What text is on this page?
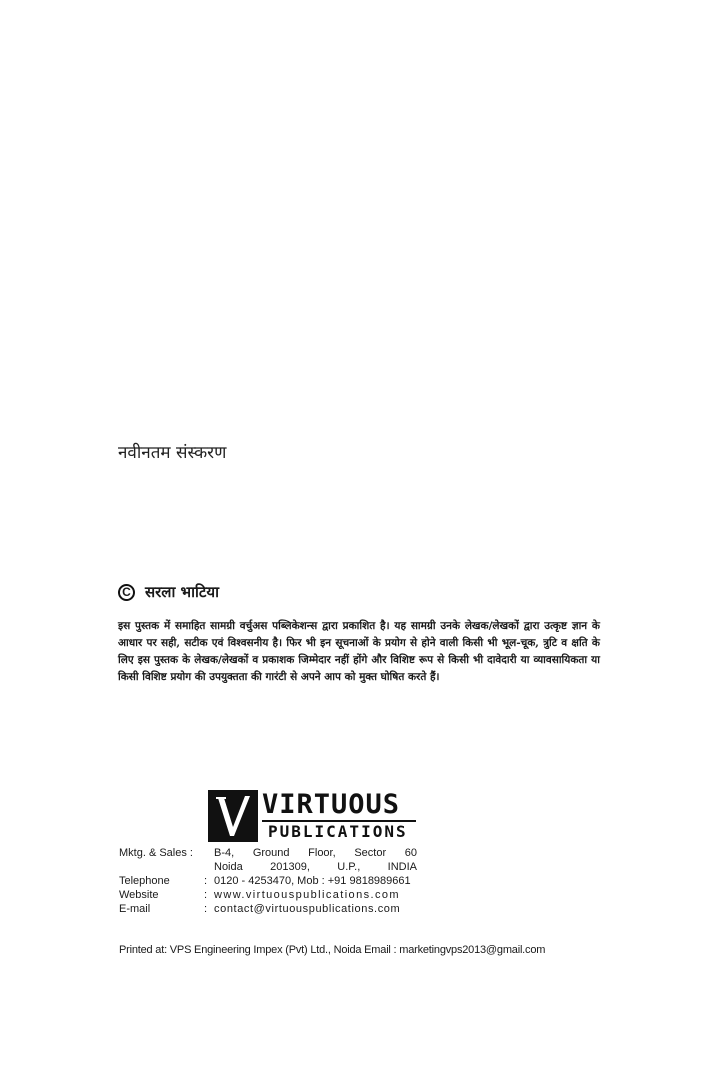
नवीनतम संस्करण
C सरला भाटिया

इस पुस्तक में समाहित सामग्री वर्चुअस पब्लिकेशन्स द्वारा प्रकाशित है। यह सामग्री उनके लेखक/लेखकों द्वारा उत्कृष्ट ज्ञान के आधार पर सही, सटीक एवं विश्वसनीय है। फिर भी इन सूचनाओं के प्रयोग से होने वाली किसी भी भूल-चूक, त्रुटि व क्षति के लिए इस पुस्तक के लेखक/लेखकों व प्रकाशक जिम्मेदार नहीं होंगे और विशिष्ट रूप से किसी भी दावेदारी या व्यावसायिकता या किसी विशिष्ट प्रयोग की उपयुक्तता की गारंटी से अपने आप को मुक्त घोषित करते हैं।

VIRTUOUS
PUBLICATIONS
Mktg. & Sales :	B-4, Ground Floor, Sector 60
Noida 201309, U.P., INDIA
Telephone	: 0120 - 4253470, Mob : +91 9818989661
Website	: www.virtuouspublications.com
E-mail	: contact@virtuouspublications.com
Printed at: VPS Engineering Impex (Pvt) Ltd., Noida Email : marketingvps2013@gmail.com
